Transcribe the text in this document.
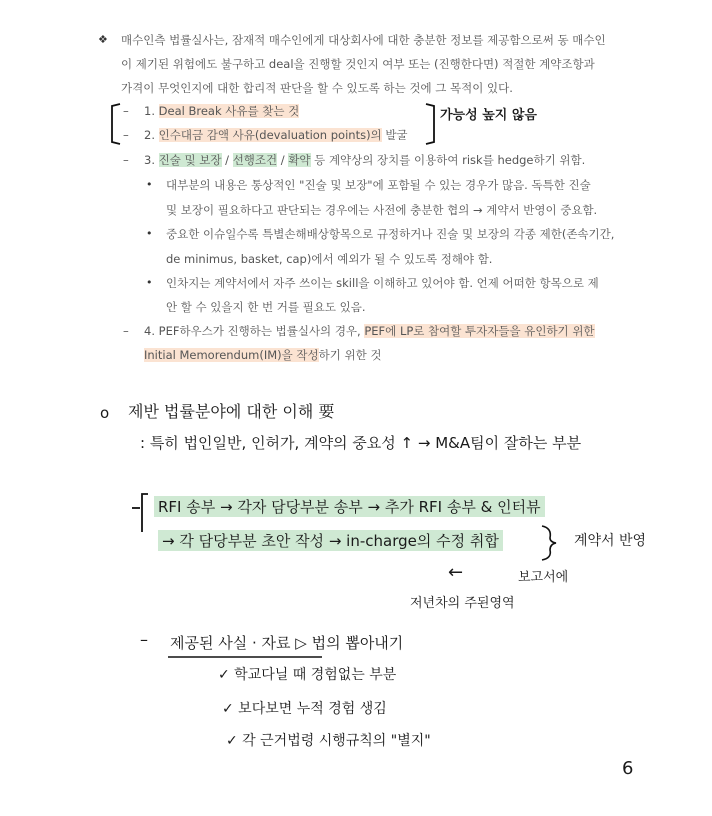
❖ 매수인측 법률실사는, 잠재적 매수인에게 대상회사에 대한 충분한 정보를 제공함으로써 동 매수인
이 제기된 위험에도 불구하고 deal을 진행할 것인지 여부 또는 (진행한다면) 적절한 계약조항과
가격이 무엇인지에 대한 합리적 판단을 할 수 있도록 하는 것에 그 목적이 있다.
– 1. Deal Break 사유를 찾는 것
– 2. 인수대금 감액 사유(devaluation points)의 발굴
– 3. 진술 및 보장 / 선행조건 / 확약 등 계약상의 장치를 이용하여 risk를 hedge하기 위함.
• 대부분의 내용은 통상적인 "진술 및 보장"에 포함될 수 있는 경우가 많음. 독특한 진술
및 보장이 필요하다고 판단되는 경우에는 사전에 충분한 협의 → 계약서 반영이 중요함.
• 중요한 이슈일수록 특별손해배상항목으로 규정하거나 진술 및 보장의 각종 제한(존속기간,
de minimus, basket, cap)에서 예외가 될 수 있도록 정해야 함.
• 인차지는 계약서에서 자주 쓰이는 skill을 이해하고 있어야 함. 언제 어떠한 항목으로 제
안 할 수 있을지 한 번 거를 필요도 있음.
– 4. PEF하우스가 진행하는 법률실사의 경우, PEF에 LP로 참여할 투자자들을 유인하기 위한
Initial Memorendum(IM)을 작성하기 위한 것
가능성 높지 않음
o 제반 법률분야에 대한 이해 要
: 특히 법인일반, 인허가, 계약의 중요성 ↑ → M&A팀이 잘하는 부분
RFI 송부 → 각자 담당부분 송부 → 추가 RFI 송부 & 인터뷰
→ 각 담당부분 초안 작성 → in-charge의 수정 취합	계약서 반영
보고서에
←
저년차의 주된영역
– 제공된 사실 · 자료 ▷ 법의 뽑아내기
✓ 학교다닐 때 경험없는 부분
✓ 보다보면 누적 경험 생김
✓ 각 근거법령 시행규칙의 "별지"
6
